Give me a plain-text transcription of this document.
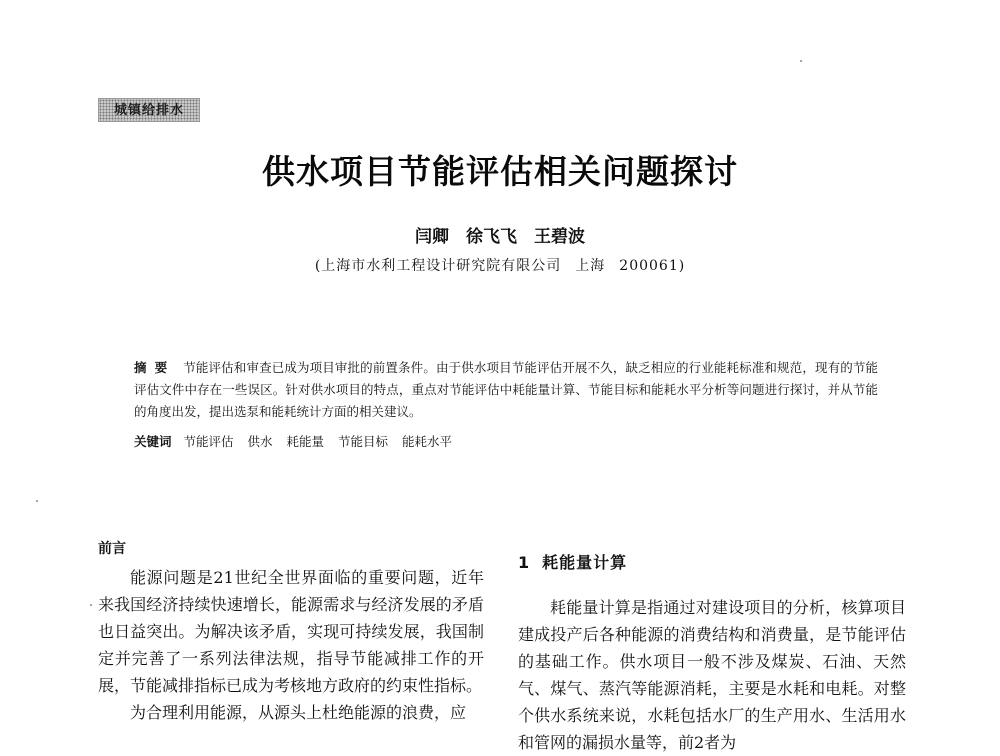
城镇给排水
供水项目节能评估相关问题探讨
闫卿　徐飞飞　王碧波
(上海市水利工程设计研究院有限公司 上海 200061)
摘要 节能评估和审查已成为项目审批的前置条件。由于供水项目节能评估开展不久，缺乏相应的行业能耗标准和规范，现有的节能评估文件中存在一些误区。针对供水项目的特点，重点对节能评估中耗能量计算、节能目标和能耗水平分析等问题进行探讨，并从节能的角度出发，提出选泵和能耗统计方面的相关建议。
关键词 节能评估 供水 耗能量 节能目标 能耗水平
前言

能源问题是21世纪全世界面临的重要问题，近年来我国经济持续快速增长，能源需求与经济发展的矛盾也日益突出。为解决该矛盾，实现可持续发展，我国制定并完善了一系列法律法规，指导节能减排工作的开展，节能减排指标已成为考核地方政府的约束性指标。

为合理利用能源，从源头上杜绝能源的浪费，应

1 耗能量计算

耗能量计算是指通过对建设项目的分析，核算项目建成投产后各种能源的消费结构和消费量，是节能评估的基础工作。供水项目一般不涉及煤炭、石油、天然气、煤气、蒸汽等能源消耗，主要是水耗和电耗。对整个供水系统来说，水耗包括水厂的生产用水、生活用水和管网的漏损水量等，前2者为
